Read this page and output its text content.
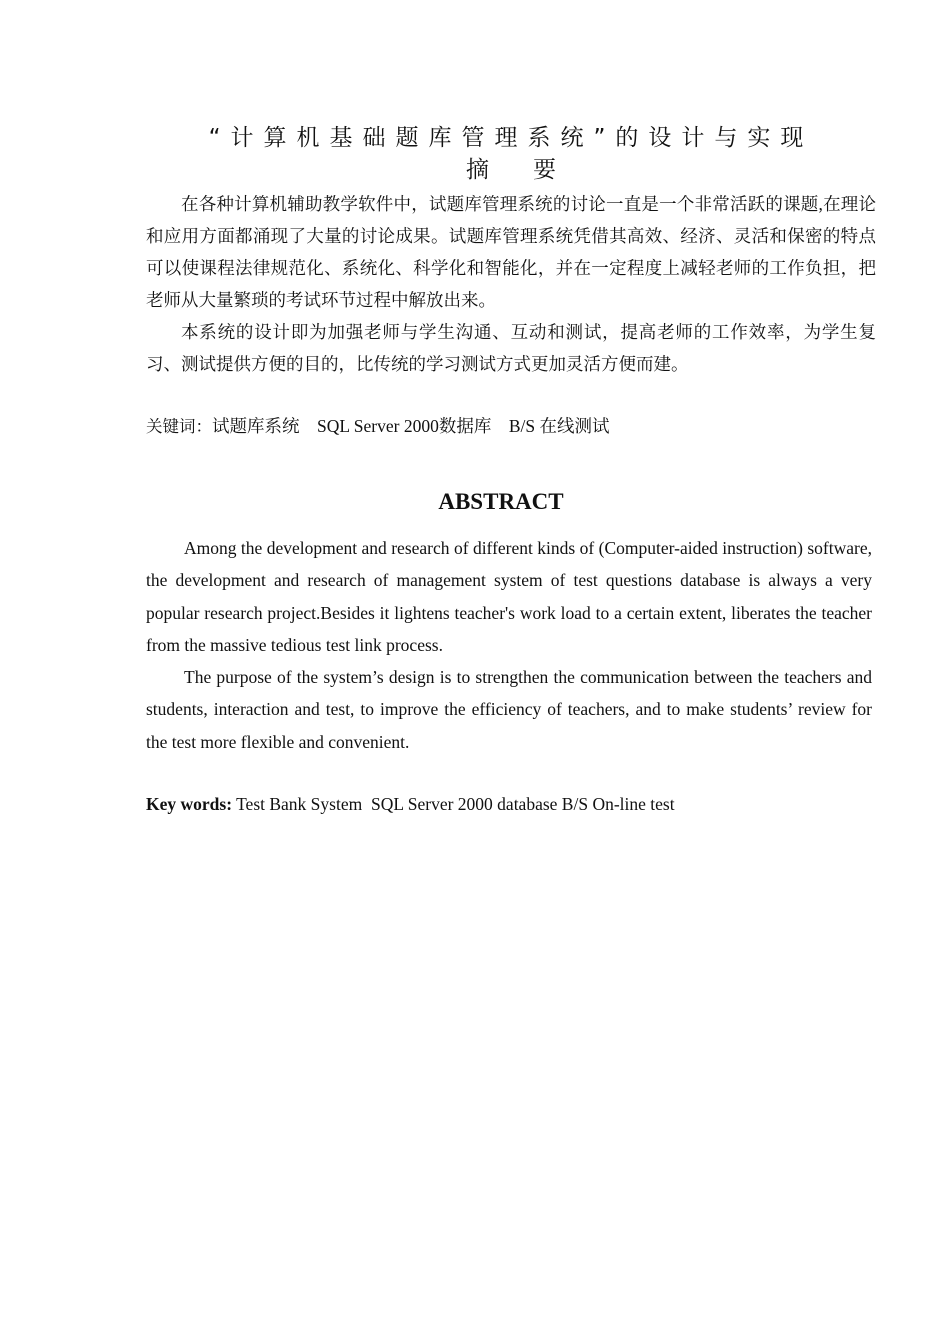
“计算机基础题库管理系统”的设计与实现
摘 要

在各种计算机辅助教学软件中，试题库管理系统的讨论一直是一个非常活跃的课题,在理论和应用方面都涌现了大量的讨论成果。试题库管理系统凭借其高效、经济、灵活和保密的特点可以使课程法律规范化、系统化、科学化和智能化，并在一定程度上减轻老师的工作负担，把老师从大量繁琐的考试环节过程中解放出来。

本系统的设计即为加强老师与学生沟通、互动和测试，提高老师的工作效率，为学生复习、测试提供方便的目的，比传统的学习测试方式更加灵活方便而建。

关键词：试题库系统　SQL Server 2000数据库　B/S 在线测试
ABSTRACT

Among the development and research of different kinds of (Computer-aided instruction) software, the development and research of management system of test questions database is always a very popular research project.Besides it lightens teacher's work load to a certain extent, liberates the teacher from the massive tedious test link process.

The purpose of the system’s design is to strengthen the communication between the teachers and students, interaction and test, to improve the efficiency of teachers, and to make students’ review for the test more flexible and convenient.

Key words: Test Bank System  SQL Server 2000 database B/S On-line test
